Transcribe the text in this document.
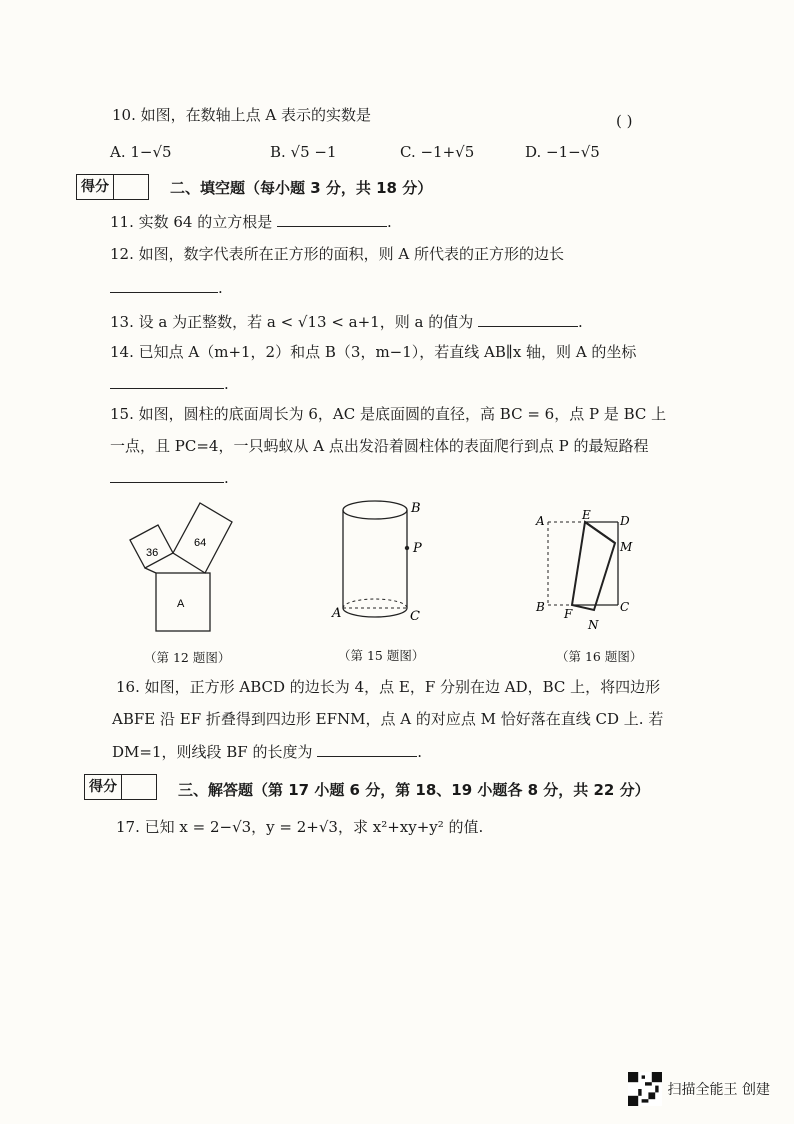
10. 如图，在数轴上点 A 表示的实数是	( )
A. 1−√5	B. √5 −1	C. −1+√5	D. −1−√5
得分	二、填空题（每小题 3 分，共 18 分）
11. 实数 64 的立方根是	.
12. 如图，数字代表所在正方形的面积，则 A 所代表的正方形的边长
.
13. 设 a 为正整数，若 a < √13 < a+1，则 a 的值为	.
14. 已知点 A（m+1，2）和点 B（3，m−1），若直线 AB∥x 轴，则 A 的坐标
.
15. 如图，圆柱的底面周长为 6，AC 是底面圆的直径，高 BC = 6，点 P 是 BC 上
一点，且 PC=4，一只蚂蚁从 A 点出发沿着圆柱体的表面爬行到点 P 的最短路程
.
36
64
A
（第 12 题图）
B
P
A	C
（第 15 题图）
A	E D
M
B F
N
C
（第 16 题图）
16. 如图，正方形 ABCD 的边长为 4，点 E，F 分别在边 AD，BC 上，将四边形
ABFE 沿 EF 折叠得到四边形 EFNM，点 A 的对应点 M 恰好落在直线 CD 上. 若
DM=1，则线段 BF 的长度为	.
得分	三、解答题（第 17 小题 6 分，第 18、19 小题各 8 分，共 22 分）
17. 已知 x = 2−√3，y = 2+√3，求 x²+xy+y² 的值.
扫描全能王 创建
